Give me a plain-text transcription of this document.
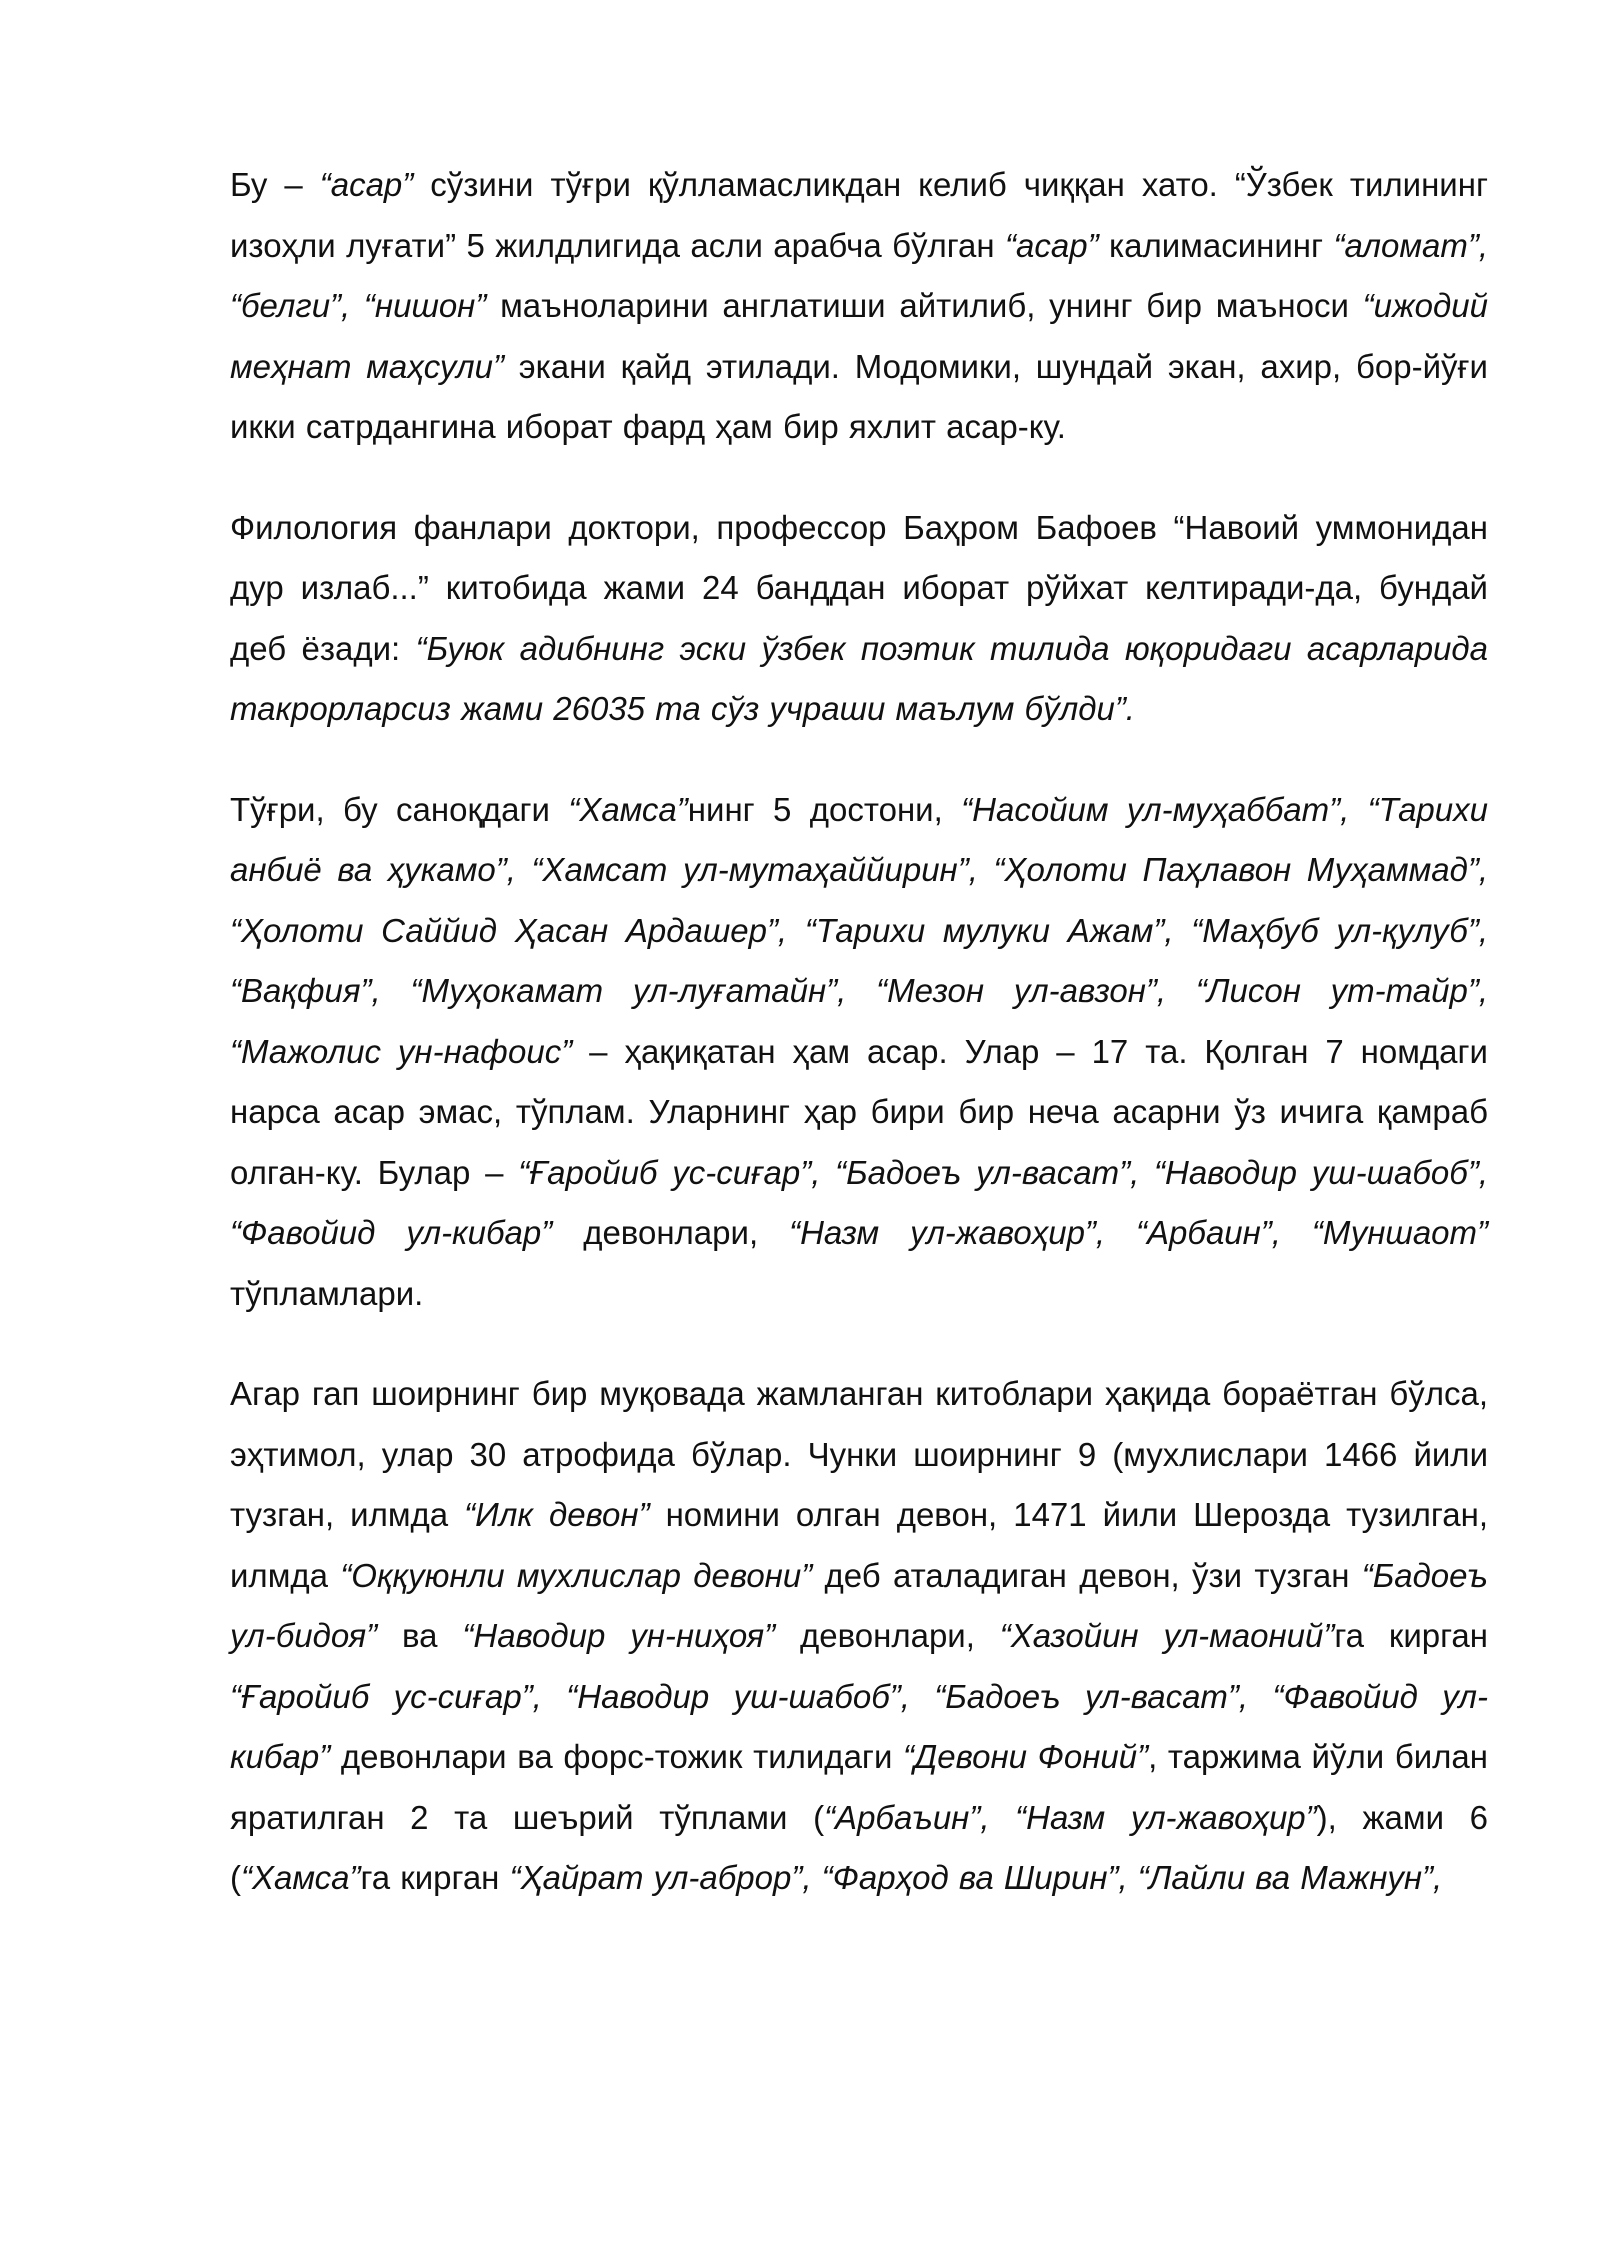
Бу – “асар” сўзини тўғри қўлламасликдан келиб чиққан хато. “Ўзбек тилининг изоҳли луғати” 5 жилдлигида асли арабча бўлган “асар” калимасининг “аломат”, “белги”, “нишон” маъноларини англатиши айтилиб, унинг бир маъноси “ижодий меҳнат маҳсули” экани қайд этилади. Модомики, шундай экан, ахир, бор-йўғи икки сатрдангина иборат фард ҳам бир яхлит асар-ку.

Филология фанлари доктори, профессор Баҳром Бафоев “Навоий уммонидан дур излаб...” китобида жами 24 банддан иборат рўйхат келтиради-да, бундай деб ёзади: “Буюк адибнинг эски ўзбек поэтик тилида юқоридаги асарларида такрорларсиз жами 26035 та сўз учраши маълум бўлди”.

Тўғри, бу саноқдаги “Хамса”нинг 5 достони, “Насойим ул-муҳаббат”, “Тарихи анбиё ва ҳукамо”, “Хамсат ул-мутаҳаййирин”, “Ҳолоти Паҳлавон Муҳаммад”, “Ҳолоти Саййид Ҳасан Ардашер”, “Тарихи мулуки Ажам”, “Маҳбуб ул-қулуб”, “Вақфия”, “Муҳокамат ул-луғатайн”, “Мезон ул-авзон”, “Лисон ут-тайр”, “Мажолис ун-нафоис” – ҳақиқатан ҳам асар. Улар – 17 та. Қолган 7 номдаги нарса асар эмас, тўплам. Уларнинг ҳар бири бир неча асарни ўз ичига қамраб олган-ку. Булар – “Ғаройиб ус-сиғар”, “Бадоеъ ул-васат”, “Наводир уш-шабоб”, “Фавойид ул-кибар” девонлари, “Назм ул-жавоҳир”, “Арбаин”, “Муншаот” тўпламлари.

Агар гап шоирнинг бир муқовада жамланган китоблари ҳақида бораётган бўлса, эҳтимол, улар 30 атрофида бўлар. Чунки шоирнинг 9 (мухлислари 1466 йили тузган, илмда “Илк девон” номини олган девон, 1471 йили Шерозда тузилган, илмда “Оққуюнли мухлислар девони” деб аталадиган девон, ўзи тузган “Бадоеъ ул-бидоя” ва “Наводир ун-ниҳоя” девонлари, “Хазойин ул-маоний”га кирган “Ғаройиб ус-сиғар”, “Наводир уш-шабоб”, “Бадоеъ ул-васат”, “Фавойид ул-кибар” девонлари ва форс-тожик тилидаги “Девони Фоний”, таржима йўли билан яратилган 2 та шеърий тўплами (“Арбаъин”, “Назм ул-жавоҳир”), жами 6 (“Хамса”га кирган “Ҳайрат ул-аброр”, “Фарҳод ва Ширин”, “Лайли ва Мажнун”,
